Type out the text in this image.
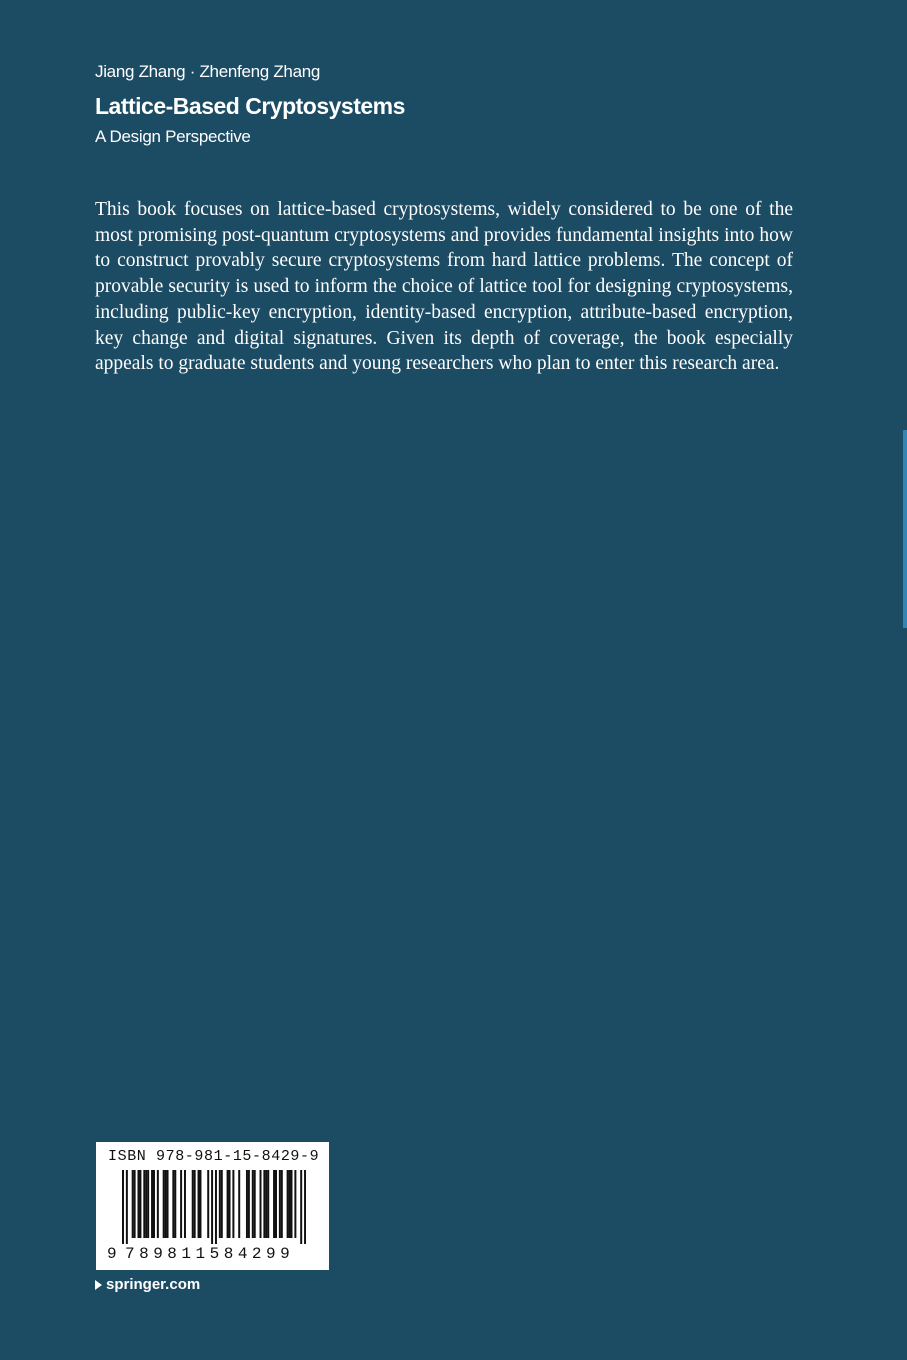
Jiang Zhang · Zhenfeng Zhang
Lattice-Based Cryptosystems
A Design Perspective

This book focuses on lattice-based cryptosystems, widely considered to be one of the most promising post-quantum cryptosystems and provides fundamental insights into how to construct provably secure cryptosystems from hard lattice problems. The concept of provable security is used to inform the choice of lattice tool for designing cryptosystems, including public-key encryption, identity-based encryption, attribute-based encryption, key change and digital signatures. Given its depth of coverage, the book especially appeals to graduate students and young researchers who plan to enter this research area.

ISBN 978-981-15-8429-9
9 789811584299
springer.com
